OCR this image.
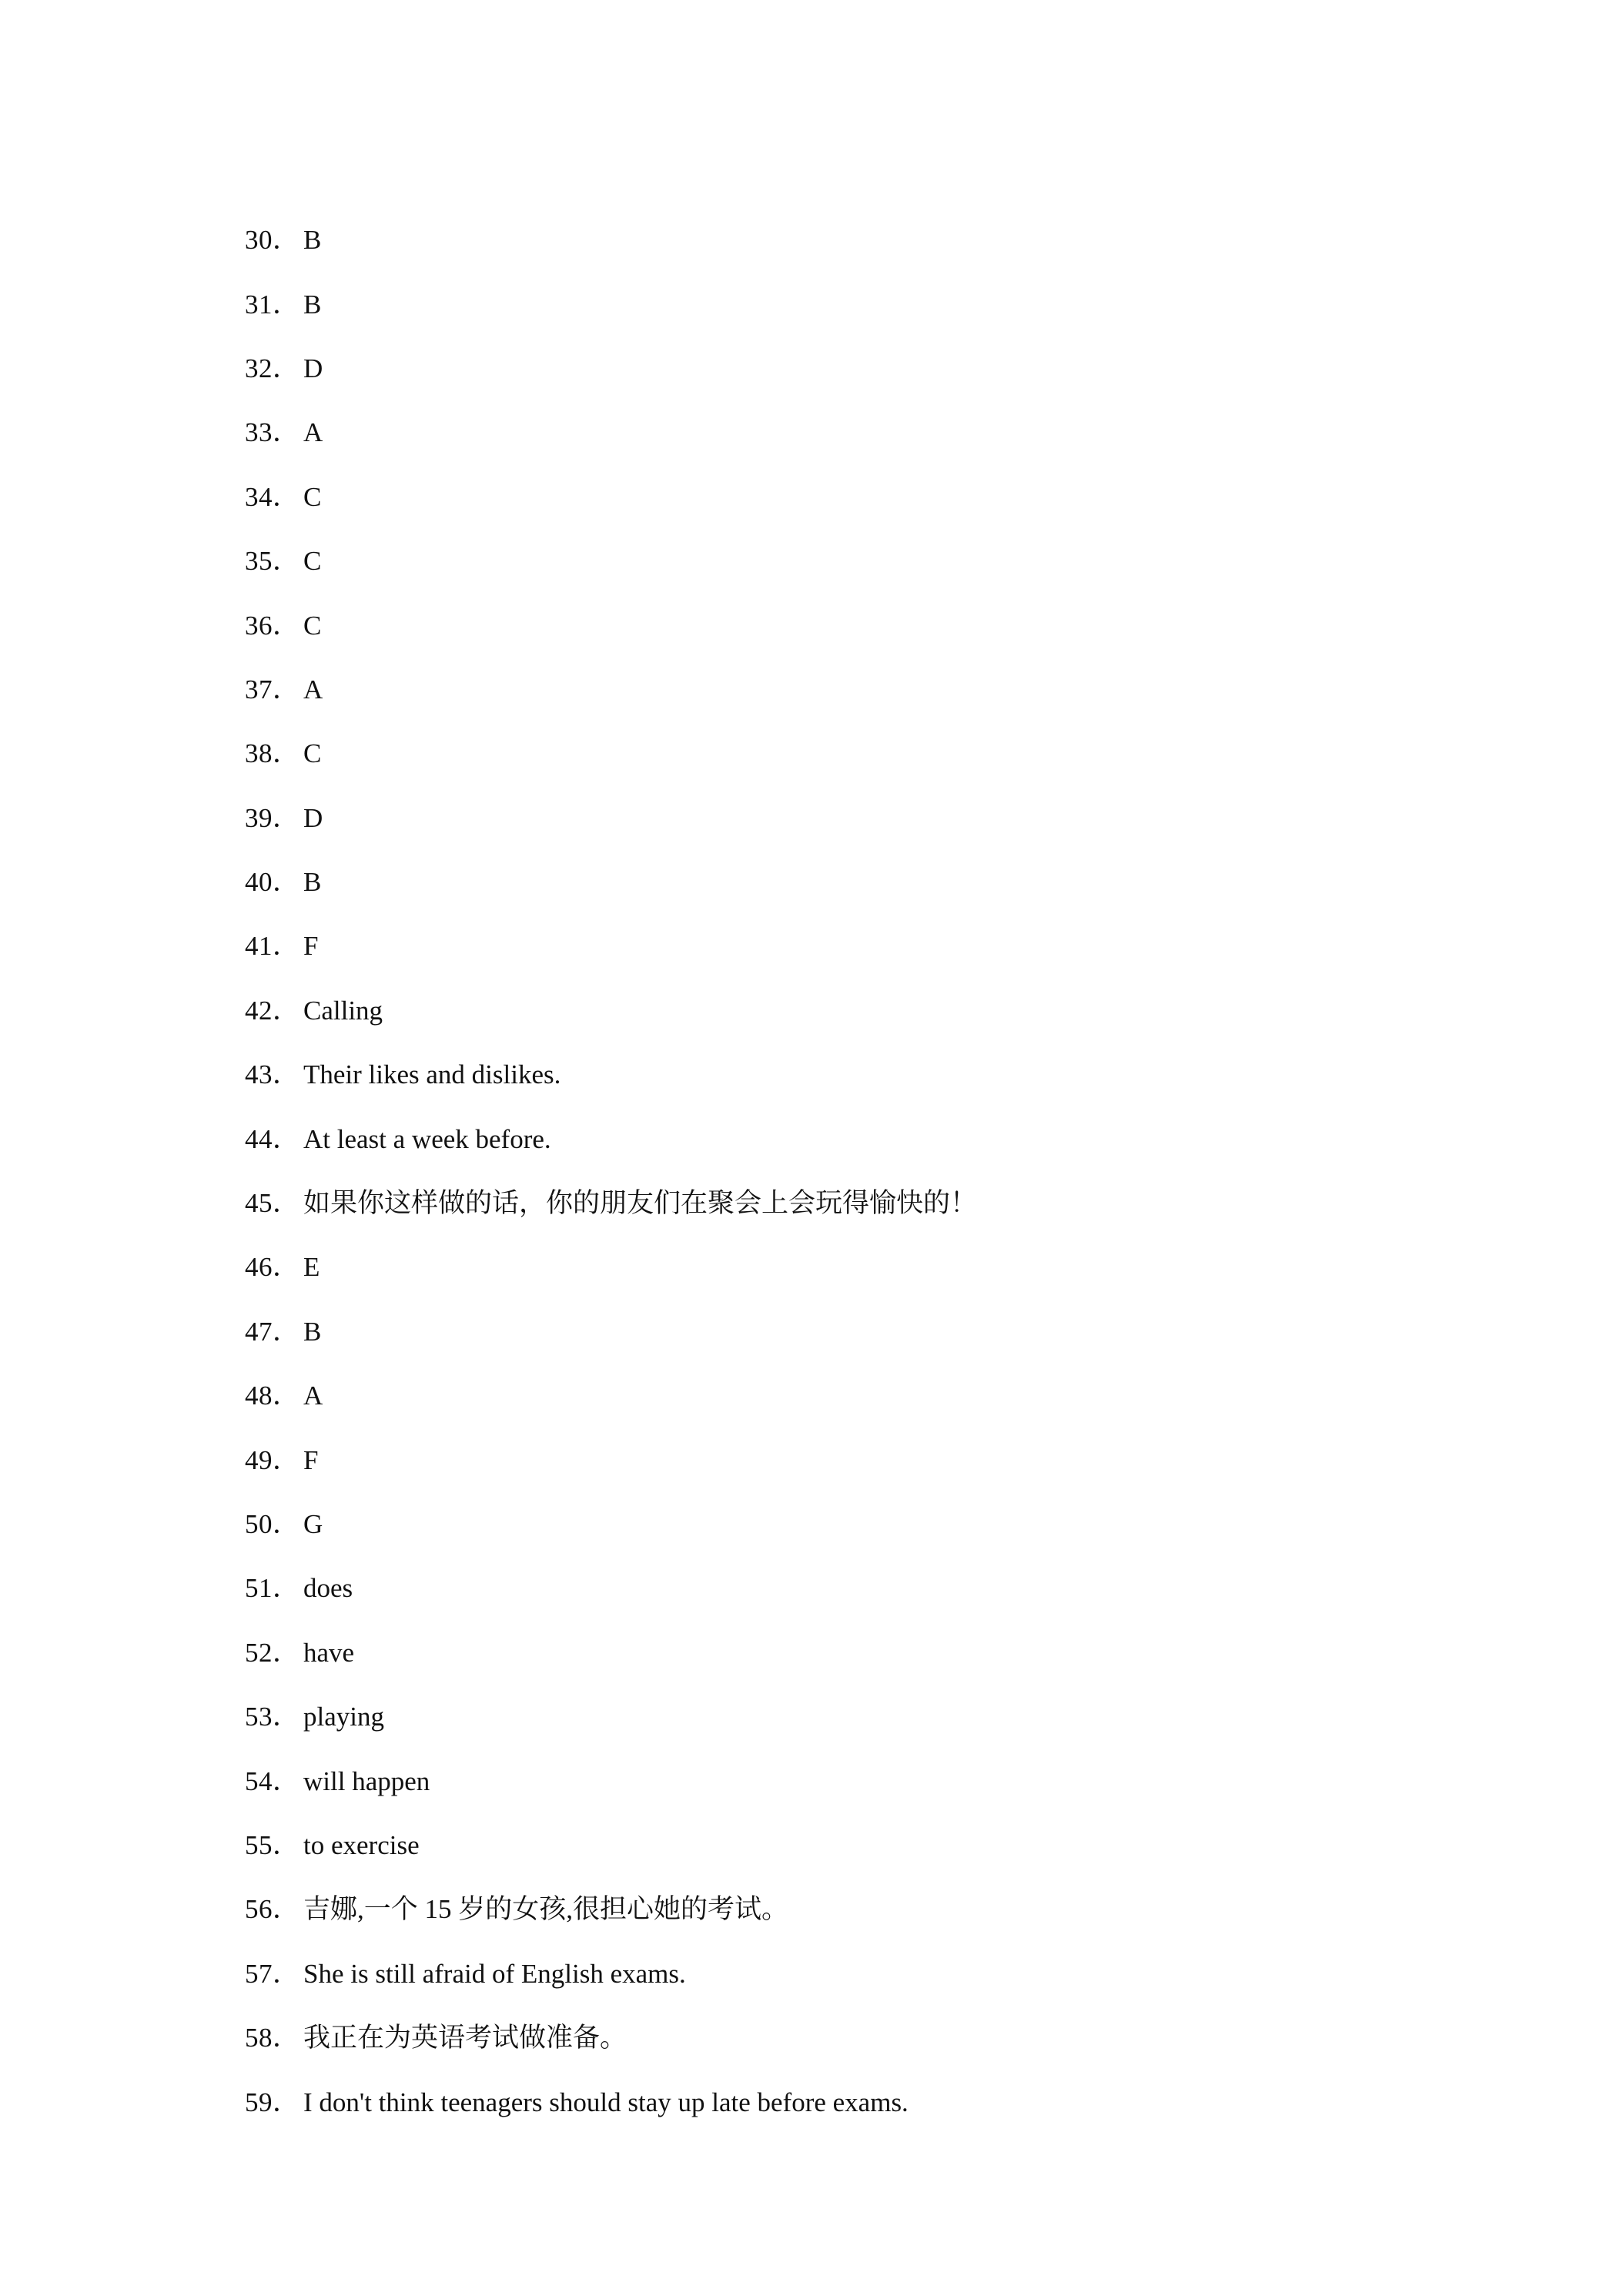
30． B
31． B
32． D
33． A
34． C
35． C
36． C
37． A
38． C
39． D
40． B
41． F
42． Calling
43． Their likes and dislikes.
44． At least a week before.
45． 如果你这样做的话，你的朋友们在聚会上会玩得愉快的！
46． E
47． B
48． A
49． F
50． G
51． does
52． have
53． playing
54． will happen
55． to exercise
56． 吉娜,一个 15 岁的女孩,很担心她的考试。
57． She is still afraid of English exams.
58． 我正在为英语考试做准备。
59． I don't think teenagers should stay up late before exams.
